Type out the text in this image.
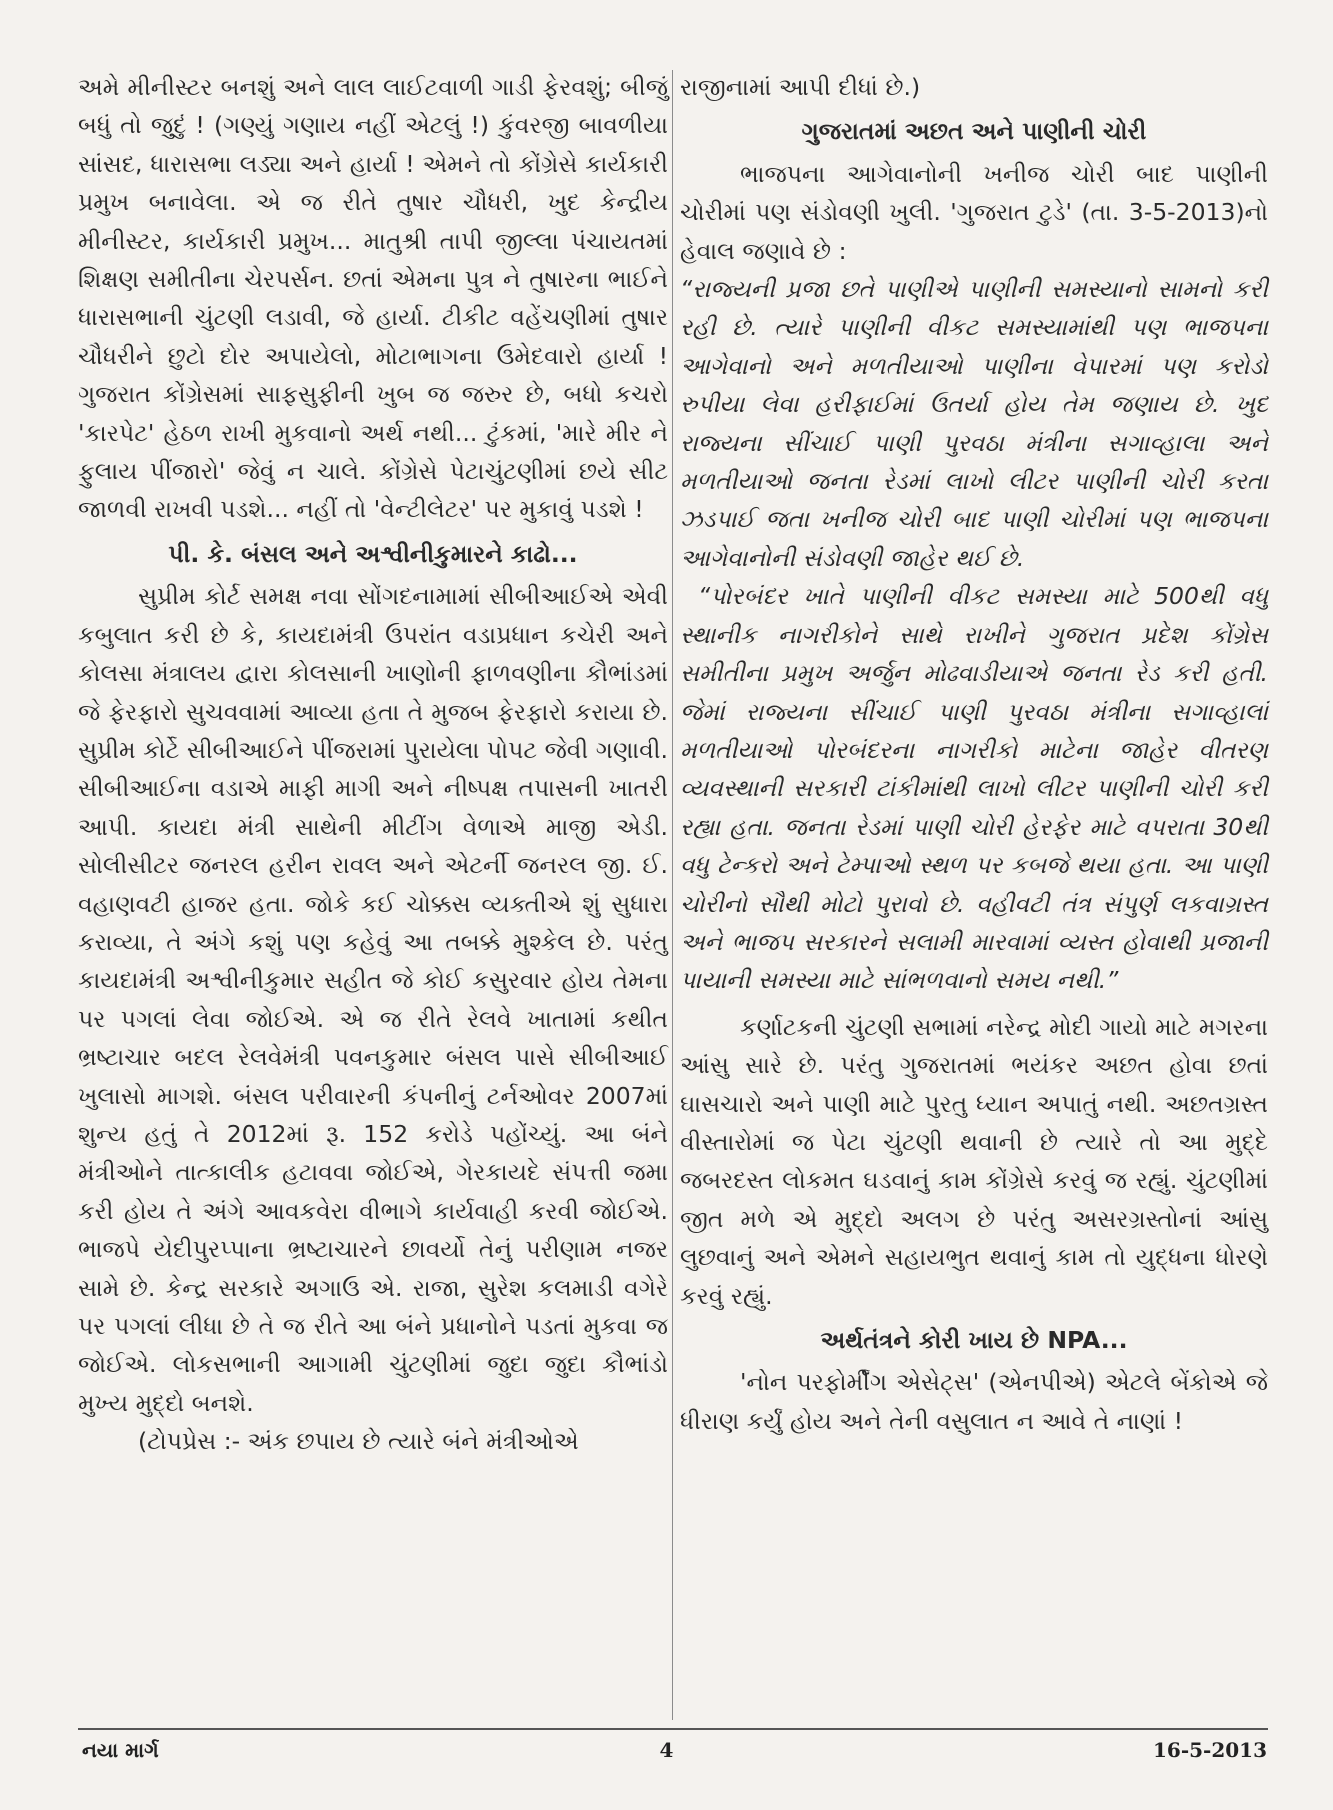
અમે મીનીસ્ટર બનશું અને લાલ લાઈટવાળી ગાડી ફેરવશું; બીજું બધું તો જુદું ! (ગણ્યું ગણાય નહીં એટલું !) કુંવરજી બાવળીયા સાંસદ, ધારાસભા લડ્યા અને હાર્યા ! એમને તો કોંગ્રેસે કાર્યકારી પ્રમુખ બનાવેલા. એ જ રીતે તુષાર ચૌધરી, ખુદ કેન્દ્રીય મીનીસ્ટર, કાર્યકારી પ્રમુખ... માતુશ્રી તાપી જીલ્લા પંચાયતમાં શિક્ષણ સમીતીના ચેરપર્સન. છતાં એમના પુત્ર ને તુષારના ભાઈને ધારાસભાની ચુંટણી લડાવી, જે હાર્યા. ટીકીટ વહેંચણીમાં તુષાર ચૌધરીને છુટો દોર અપાયેલો, મોટાભાગના ઉમેદવારો હાર્યા ! ગુજરાત કોંગ્રેસમાં સાફસુફીની ખુબ જ જરુર છે, બધો કચરો 'કારપેટ' હેઠળ રાખી મુકવાનો અર્થ નથી... ટુંકમાં, 'મારે મીર ને ફુલાય પીંજારો' જેવું ન ચાલે. કોંગ્રેસે પેટાચુંટણીમાં છયે સીટ જાળવી રાખવી પડશે... નહીં તો 'વેન્ટીલેટર' પર મુકાવું પડશે !

પી. કે. બંસલ અને અશ્વીનીકુમારને કાઢો...

સુપ્રીમ કોર્ટ સમક્ષ નવા સોંગદનામામાં સીબીઆઈએ એવી કબુલાત કરી છે કે, કાયદામંત્રી ઉપરાંત વડાપ્રધાન કચેરી અને કોલસા મંત્રાલય દ્વારા કોલસાની ખાણોની ફાળવણીના કૌભાંડમાં જે ફેરફારો સુચવવામાં આવ્યા હતા તે મુજબ ફેરફારો કરાયા છે. સુપ્રીમ કોર્ટે સીબીઆઈને પીંજરામાં પુરાયેલા પોપટ જેવી ગણાવી. સીબીઆઈના વડાએ માફી માગી અને નીષ્પક્ષ તપાસની ખાતરી આપી. કાયદા મંત્રી સાથેની મીટીંગ વેળાએ માજી એડી. સોલીસીટર જનરલ હરીન રાવલ અને એટર્ની જનરલ જી. ઈ. વહાણવટી હાજર હતા. જોકે કઈ ચોક્કસ વ્યક્તીએ શું સુધારા કરાવ્યા, તે અંગે કશું પણ કહેવું આ તબક્કે મુશ્કેલ છે. પરંતુ કાયદામંત્રી અશ્વીનીકુમાર સહીત જે કોઈ કસુરવાર હોય તેમના પર પગલાં લેવા જોઈએ. એ જ રીતે રેલવે ખાતામાં કથીત ભ્રષ્ટાચાર બદલ રેલવેમંત્રી પવનકુમાર બંસલ પાસે સીબીઆઈ ખુલાસો માગશે. બંસલ પરીવારની કંપનીનું ટર્નઓવર 2007માં શુન્ય હતું તે 2012માં રૂ. 152 કરોડે પહોંચ્યું. આ બંને મંત્રીઓને તાત્કાલીક હટાવવા જોઈએ, ગેરકાયદે સંપત્તી જમા કરી હોય તે અંગે આવકવેરા વીભાગે કાર્યવાહી કરવી જોઈએ. ભાજપે યેદીપુરપ્પાના ભ્રષ્ટાચારને છાવર્યો તેનું પરીણામ નજર સામે છે. કેન્દ્ર સરકારે અગાઉ એ. રાજા, સુરેશ કલમાડી વગેરે પર પગલાં લીધા છે તે જ રીતે આ બંને પ્રધાનોને પડતાં મુકવા જ જોઈએ. લોકસભાની આગામી ચુંટણીમાં જુદા જુદા કૌભાંડો મુખ્ય મુદ્દો બનશે.

(ટોપપ્રેસ :- અંક છપાય છે ત્યારે બંને મંત્રીઓએ

રાજીનામાં આપી દીધાં છે.)

ગુજરાતમાં અછત અને પાણીની ચોરી

ભાજપના આગેવાનોની ખનીજ ચોરી બાદ પાણીની ચોરીમાં પણ સંડોવણી ખુલી. 'ગુજરાત ટુડે' (તા. 3-5-2013)નો હેવાલ જણાવે છે :

“રાજ્યની પ્રજા છતે પાણીએ પાણીની સમસ્યાનો સામનો કરી રહી છે. ત્યારે પાણીની વીકટ સમસ્યામાંથી પણ ભાજપના આગેવાનો અને મળતીયાઓ પાણીના વેપારમાં પણ કરોડો રુપીયા લેવા હરીફાઈમાં ઉતર્યા હોય તેમ જણાય છે. ખુદ રાજ્યના સીંચાઈ પાણી પુરવઠા મંત્રીના સગાવ્હાલા અને મળતીયાઓ જનતા રેડમાં લાખો લીટર પાણીની ચોરી કરતા ઝડપાઈ જતા ખનીજ ચોરી બાદ પાણી ચોરીમાં પણ ભાજપના આગેવાનોની સંડોવણી જાહેર થઈ છે.

“પોરબંદર ખાતે પાણીની વીકટ સમસ્યા માટે 500થી વધુ સ્થાનીક નાગરીકોને સાથે રાખીને ગુજરાત પ્રદેશ કોંગ્રેસ સમીતીના પ્રમુખ અર્જુન મોઢવાડીયાએ જનતા રેડ કરી હતી. જેમાં રાજ્યના સીંચાઈ પાણી પુરવઠા મંત્રીના સગાવ્હાલાં મળતીયાઓ પોરબંદરના નાગરીકો માટેના જાહેર વીતરણ વ્યવસ્થાની સરકારી ટાંકીમાંથી લાખો લીટર પાણીની ચોરી કરી રહ્યા હતા. જનતા રેડમાં પાણી ચોરી હેરફેર માટે વપરાતા 30થી વધુ ટેન્કરો અને ટેમ્પાઓ સ્થળ પર કબજે થયા હતા. આ પાણી ચોરીનો સૌથી મોટો પુરાવો છે. વહીવટી તંત્ર સંપુર્ણ લકવાગ્રસ્ત અને ભાજપ સરકારને સલામી મારવામાં વ્યસ્ત હોવાથી પ્રજાની પાયાની સમસ્યા માટે સાંભળવાનો સમય નથી.”

કર્ણાટકની ચુંટણી સભામાં નરેન્દ્ર મોદી ગાયો માટે મગરના આંસુ સારે છે. પરંતુ ગુજરાતમાં ભયંકર અછત હોવા છતાં ઘાસચારો અને પાણી માટે પુરતુ ધ્યાન અપાતું નથી. અછતગ્રસ્ત વીસ્તારોમાં જ પેટા ચુંટણી થવાની છે ત્યારે તો આ મુદ્દે જબરદસ્ત લોકમત ઘડવાનું કામ કોંગ્રેસે કરવું જ રહ્યું. ચુંટણીમાં જીત મળે એ મુદ્દો અલગ છે પરંતુ અસરગ્રસ્તોનાં આંસુ લુછવાનું અને એમને સહાયભુત થવાનું કામ તો યુદ્ધના ધોરણે કરવું રહ્યું.

અર્થતંત્રને કોરી ખાય છે NPA...

'નોન પરફોર્મીંગ એસેટ્સ' (એનપીએ) એટલે બેંકોએ જે ધીરાણ કર્યું હોય અને તેની વસુલાત ન આવે તે નાણાં !

નયા માર્ગ	4	16-5-2013
